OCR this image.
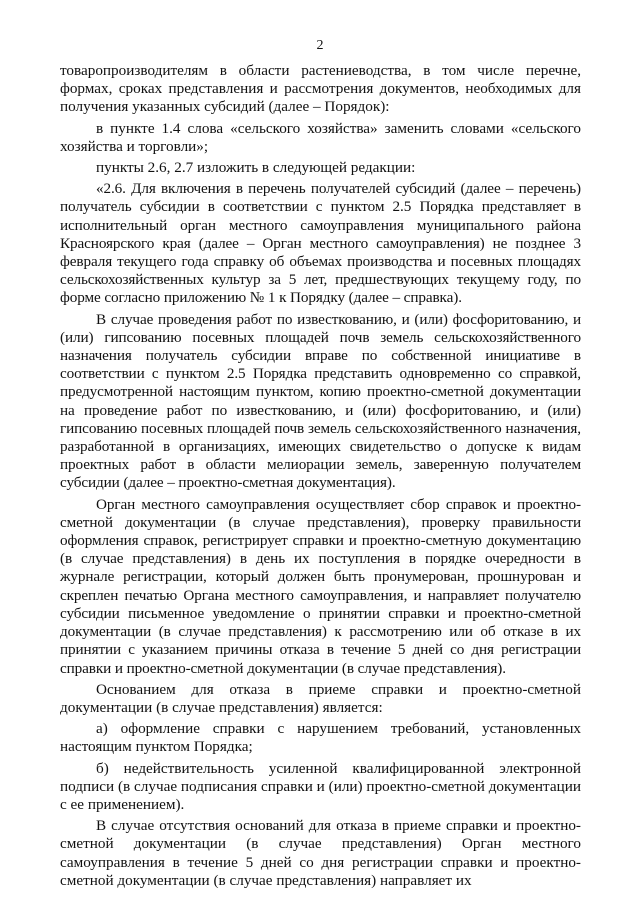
2

товаропроизводителям в области растениеводства, в том числе перечне, формах, сроках представления и рассмотрения документов, необходимых для получения указанных субсидий (далее – Порядок):

в пункте 1.4 слова «сельского хозяйства» заменить словами «сельского хозяйства и торговли»;

пункты 2.6, 2.7 изложить в следующей редакции:

«2.6. Для включения в перечень получателей субсидий (далее – перечень) получатель субсидии в соответствии с пунктом 2.5 Порядка представляет в исполнительный орган местного самоуправления муниципального района Красноярского края (далее – Орган местного самоуправления) не позднее 3 февраля текущего года справку об объемах производства и посевных площадях сельскохозяйственных культур за 5 лет, предшествующих текущему году, по форме согласно приложению № 1 к Порядку (далее – справка).

В случае проведения работ по известкованию, и (или) фосфоритованию, и (или) гипсованию посевных площадей почв земель сельскохозяйственного назначения получатель субсидии вправе по собственной инициативе в соответствии с пунктом 2.5 Порядка представить одновременно со справкой, предусмотренной настоящим пунктом, копию проектно-сметной документации на проведение работ по известкованию, и (или) фосфоритованию, и (или) гипсованию посевных площадей почв земель сельскохозяйственного назначения, разработанной в организациях, имеющих свидетельство о допуске к видам проектных работ в области мелиорации земель, заверенную получателем субсидии (далее – проектно-сметная документация).

Орган местного самоуправления осуществляет сбор справок и проектно-сметной документации (в случае представления), проверку правильности оформления справок, регистрирует справки и проектно-сметную документацию (в случае представления) в день их поступления в порядке очередности в журнале регистрации, который должен быть пронумерован, прошнурован и скреплен печатью Органа местного самоуправления, и направляет получателю субсидии письменное уведомление о принятии справки и проектно-сметной документации (в случае представления) к рассмотрению или об отказе в их принятии с указанием причины отказа в течение 5 дней со дня регистрации справки и проектно-сметной документации (в случае представления).

Основанием для отказа в приеме справки и проектно-сметной документации (в случае представления) является:

а) оформление справки с нарушением требований, установленных настоящим пунктом Порядка;

б) недействительность усиленной квалифицированной электронной подписи (в случае подписания справки и (или) проектно-сметной документации с ее применением).

В случае отсутствия оснований для отказа в приеме справки и проектно-сметной документации (в случае представления) Орган местного самоуправления в течение 5 дней со дня регистрации справки и проектно-сметной документации (в случае представления) направляет их
